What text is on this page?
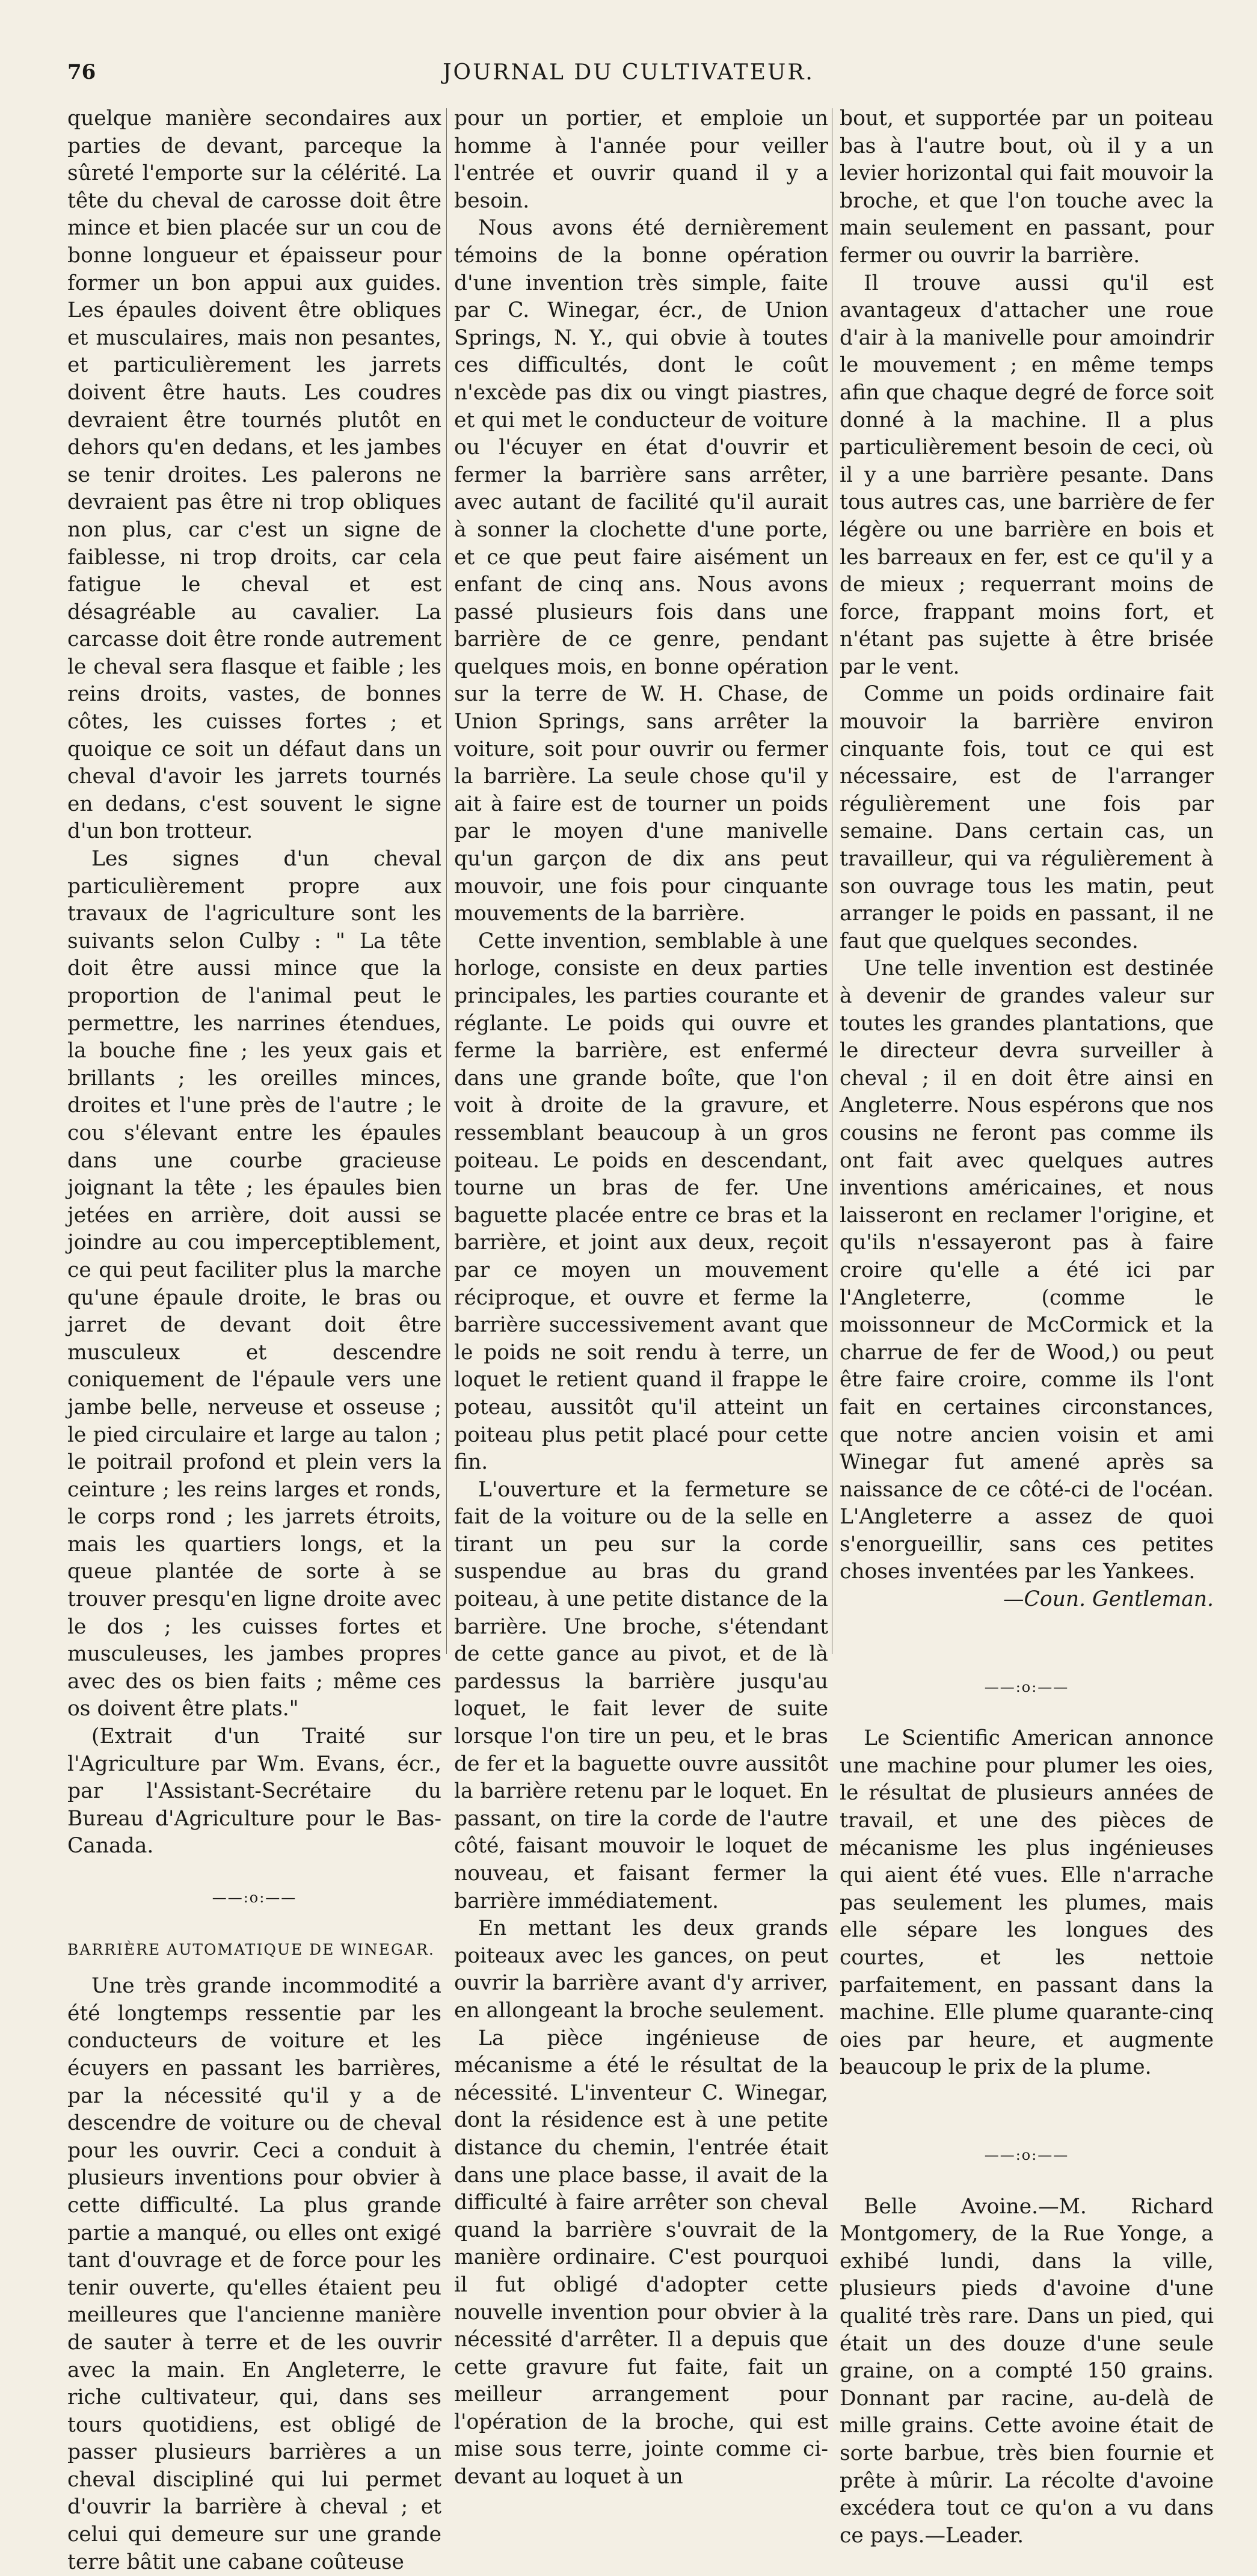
76	JOURNAL DU CULTIVATEUR.

quelque manière secondaires aux parties de devant, parceque la sûreté l'emporte sur la célérité. La tête du cheval de carosse doit être mince et bien placée sur un cou de bonne longueur et épaisseur pour former un bon appui aux guides. Les épaules doivent être obliques et musculaires, mais non pesantes, et particulièrement les jarrets doivent être hauts. Les coudres devraient être tournés plutôt en dehors qu'en dedans, et les jambes se tenir droites. Les palerons ne devraient pas être ni trop obliques non plus, car c'est un signe de faiblesse, ni trop droits, car cela fatigue le cheval et est désagréable au cavalier. La carcasse doit être ronde autrement le cheval sera flasque et faible ; les reins droits, vastes, de bonnes côtes, les cuisses fortes ; et quoique ce soit un défaut dans un cheval d'avoir les jarrets tournés en dedans, c'est souvent le signe d'un bon trotteur.

Les signes d'un cheval particulièrement propre aux travaux de l'agriculture sont les suivants selon Culby : " La tête doit être aussi mince que la proportion de l'animal peut le permettre, les narrines étendues, la bouche fine ; les yeux gais et brillants ; les oreilles minces, droites et l'une près de l'autre ; le cou s'élevant entre les épaules dans une courbe gracieuse joignant la tête ; les épaules bien jetées en arrière, doit aussi se joindre au cou imperceptiblement, ce qui peut faciliter plus la marche qu'une épaule droite, le bras ou jarret de devant doit être musculeux et descendre coniquement de l'épaule vers une jambe belle, nerveuse et osseuse ; le pied circulaire et large au talon ; le poitrail profond et plein vers la ceinture ; les reins larges et ronds, le corps rond ; les jarrets étroits, mais les quartiers longs, et la queue plantée de sorte à se trouver presqu'en ligne droite avec le dos ; les cuisses fortes et musculeuses, les jambes propres avec des os bien faits ; même ces os doivent être plats."

(Extrait d'un Traité sur l'Agriculture par Wm. Evans, écr., par l'Assistant-Secrétaire du Bureau d'Agriculture pour le Bas-Canada.

——:o:——
BARRIÈRE AUTOMATIQUE DE WINEGAR.

Une très grande incommodité a été longtemps ressentie par les conducteurs de voiture et les écuyers en passant les barrières, par la nécessité qu'il y a de descendre de voiture ou de cheval pour les ouvrir. Ceci a conduit à plusieurs inventions pour obvier à cette difficulté. La plus grande partie a manqué, ou elles ont exigé tant d'ouvrage et de force pour les tenir ouverte, qu'elles étaient peu meilleures que l'ancienne manière de sauter à terre et de les ouvrir avec la main. En Angleterre, le riche cultivateur, qui, dans ses tours quotidiens, est obligé de passer plusieurs barrières a un cheval discipliné qui lui permet d'ouvrir la barrière à cheval ; et celui qui demeure sur une grande terre bâtit une cabane coûteuse

pour un portier, et emploie un homme à l'année pour veiller l'entrée et ouvrir quand il y a besoin.

Nous avons été dernièrement témoins de la bonne opération d'une invention très simple, faite par C. Winegar, écr., de Union Springs, N. Y., qui obvie à toutes ces difficultés, dont le coût n'excède pas dix ou vingt piastres, et qui met le conducteur de voiture ou l'écuyer en état d'ouvrir et fermer la barrière sans arrêter, avec autant de facilité qu'il aurait à sonner la clochette d'une porte, et ce que peut faire aisément un enfant de cinq ans. Nous avons passé plusieurs fois dans une barrière de ce genre, pendant quelques mois, en bonne opération sur la terre de W. H. Chase, de Union Springs, sans arrêter la voiture, soit pour ouvrir ou fermer la barrière. La seule chose qu'il y ait à faire est de tourner un poids par le moyen d'une manivelle qu'un garçon de dix ans peut mouvoir, une fois pour cinquante mouvements de la barrière.

Cette invention, semblable à une horloge, consiste en deux parties principales, les parties courante et réglante. Le poids qui ouvre et ferme la barrière, est enfermé dans une grande boîte, que l'on voit à droite de la gravure, et ressemblant beaucoup à un gros poiteau. Le poids en descendant, tourne un bras de fer. Une baguette placée entre ce bras et la barrière, et joint aux deux, reçoit par ce moyen un mouvement réciproque, et ouvre et ferme la barrière successivement avant que le poids ne soit rendu à terre, un loquet le retient quand il frappe le poteau, aussitôt qu'il atteint un poiteau plus petit placé pour cette fin.

L'ouverture et la fermeture se fait de la voiture ou de la selle en tirant un peu sur la corde suspendue au bras du grand poiteau, à une petite distance de la barrière. Une broche, s'étendant de cette gance au pivot, et de là pardessus la barrière jusqu'au loquet, le fait lever de suite lorsque l'on tire un peu, et le bras de fer et la baguette ouvre aussitôt la barrière retenu par le loquet. En passant, on tire la corde de l'autre côté, faisant mouvoir le loquet de nouveau, et faisant fermer la barrière immédiatement.

En mettant les deux grands poiteaux avec les gances, on peut ouvrir la barrière avant d'y arriver, en allongeant la broche seulement.

La pièce ingénieuse de mécanisme a été le résultat de la nécessité. L'inventeur C. Winegar, dont la résidence est à une petite distance du chemin, l'entrée était dans une place basse, il avait de la difficulté à faire arrêter son cheval quand la barrière s'ouvrait de la manière ordinaire. C'est pourquoi il fut obligé d'adopter cette nouvelle invention pour obvier à la nécessité d'arrêter. Il a depuis que cette gravure fut faite, fait un meilleur arrangement pour l'opération de la broche, qui est mise sous terre, jointe comme ci-devant au loquet à un

bout, et supportée par un poiteau bas à l'autre bout, où il y a un levier horizontal qui fait mouvoir la broche, et que l'on touche avec la main seulement en passant, pour fermer ou ouvrir la barrière.

Il trouve aussi qu'il est avantageux d'attacher une roue d'air à la manivelle pour amoindrir le mouvement ; en même temps afin que chaque degré de force soit donné à la machine. Il a plus particulièrement besoin de ceci, où il y a une barrière pesante. Dans tous autres cas, une barrière de fer légère ou une barrière en bois et les barreaux en fer, est ce qu'il y a de mieux ; requerrant moins de force, frappant moins fort, et n'étant pas sujette à être brisée par le vent.

Comme un poids ordinaire fait mouvoir la barrière environ cinquante fois, tout ce qui est nécessaire, est de l'arranger régulièrement une fois par semaine. Dans certain cas, un travailleur, qui va régulièrement à son ouvrage tous les matin, peut arranger le poids en passant, il ne faut que quelques secondes.

Une telle invention est destinée à devenir de grandes valeur sur toutes les grandes plantations, que le directeur devra surveiller à cheval ; il en doit être ainsi en Angleterre. Nous espérons que nos cousins ne feront pas comme ils ont fait avec quelques autres inventions américaines, et nous laisseront en reclamer l'origine, et qu'ils n'essayeront pas à faire croire qu'elle a été ici par l'Angleterre, (comme le moissonneur de McCormick et la charrue de fer de Wood,) ou peut être faire croire, comme ils l'ont fait en certaines circonstances, que notre ancien voisin et ami Winegar fut amené après sa naissance de ce côté-ci de l'océan. L'Angleterre a assez de quoi s'enorgueillir, sans ces petites choses inventées par les Yankees.

—Coun. Gentleman.

——:o:——

Le Scientific American annonce une machine pour plumer les oies, le résultat de plusieurs années de travail, et une des pièces de mécanisme les plus ingénieuses qui aient été vues. Elle n'arrache pas seulement les plumes, mais elle sépare les longues des courtes, et les nettoie parfaitement, en passant dans la machine. Elle plume quarante-cinq oies par heure, et augmente beaucoup le prix de la plume.

——:o:——

Belle Avoine.—M. Richard Montgomery, de la Rue Yonge, a exhibé lundi, dans la ville, plusieurs pieds d'avoine d'une qualité très rare. Dans un pied, qui était un des douze d'une seule graine, on a compté 150 grains. Donnant par racine, au-delà de mille grains. Cette avoine était de sorte barbue, très bien fournie et prête à mûrir. La récolte d'avoine excédera tout ce qu'on a vu dans ce pays.—Leader.
